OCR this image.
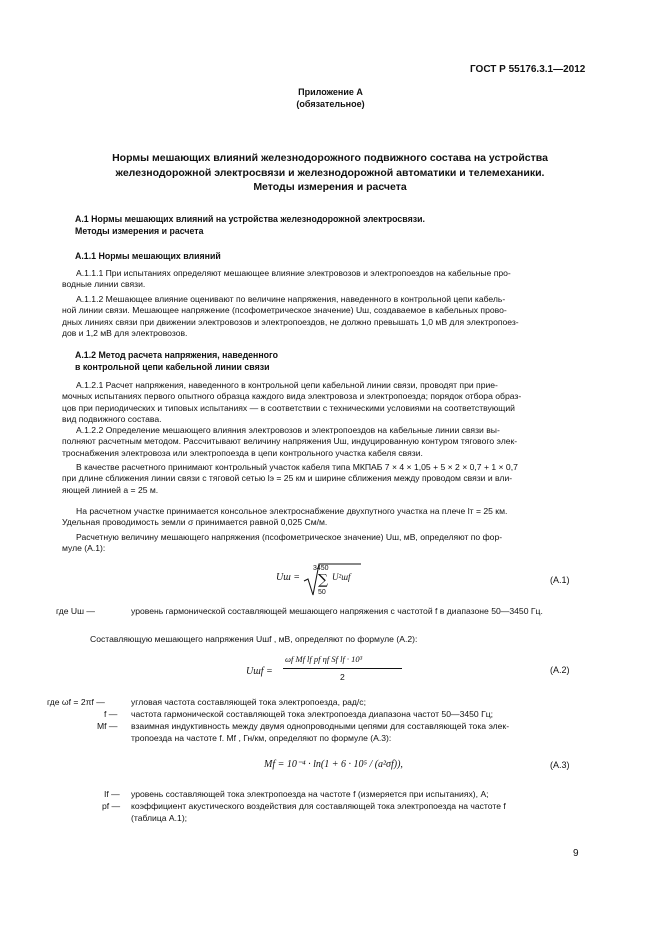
ГОСТ Р 55176.3.1—2012
Приложение А
(обязательное)
Нормы мешающих влияний железнодорожного подвижного состава на устройства
железнодорожной электросвязи и железнодорожной автоматики и телемеханики.
Методы измерения и расчета
А.1 Нормы мешающих влияний на устройства железнодорожной электросвязи.
Методы измерения и расчета
А.1.1 Нормы мешающих влияний

А.1.1.1 При испытаниях определяют мешающее влияние электровозов и электропоездов на кабельные про-

водные линии связи.

А.1.1.2 Мешающее влияние оценивают по величине напряжения, наведенного в контрольной цепи кабель-

ной линии связи. Мешающее напряжение (псофометрическое значение) Uш, создаваемое в кабельных прово-

дных линиях связи при движении электровозов и электропоездов, не должно превышать 1,0 мВ для электропоез-

дов и 1,2 мВ для электровозов.

А.1.2 Метод расчета напряжения, наведенного
в контрольной цепи кабельной линии связи

А.1.2.1 Расчет напряжения, наведенного в контрольной цепи кабельной линии связи, проводят при прие-

мочных испытаниях первого опытного образца каждого вида электровоза и электропоезда; порядок отбора образ-

цов при периодических и типовых испытаниях — в соответствии с техническими условиями на соответствующий

вид подвижного состава.

А.1.2.2 Определение мешающего влияния электровозов и электропоездов на кабельные линии связи вы-

полняют расчетным методом. Рассчитывают величину напряжения Uш, индуцированную контуром тягового элек-

троснабжения электровоза или электропоезда в цепи контрольного участка кабеля связи.

В качестве расчетного принимают контрольный участок кабеля типа МКПАБ 7 × 4 × 1,05 + 5 × 2 × 0,7 + 1 × 0,7

при длине сближения линии связи с тяговой сетью lэ = 25 км и ширине сближения между проводом связи и вли-

яющей линией a = 25 м.

На расчетном участке принимается консольное электроснабжение двухпутного участка на плече lт = 25 км.

Удельная проводимость земли σ принимается равной 0,025 См/м.

Расчетную величину мешающего напряжения (псофометрическое значение) Uш, мВ, определяют по фор-

муле (А.1):

Uш =
3450
∑
50
U²шf	(А.1)
где Uш —	уровень гармонической составляющей мешающего напряжения с частотой f в диапазоне 50—3450 Гц.
Составляющую мешающего напряжения Uшf , мВ, определяют по формуле (А.2):
Uшf =
ωf Mf lf pf ηf Sf lf · 10³
2
(А.2)
где ωf = 2πf —	угловая частота составляющей тока электропоезда, рад/с;
f — частота гармонической составляющей тока электропоезда диапазона частот 50—3450 Гц;
Mf — взаимная индуктивность между двумя однопроводными цепями для составляющей тока элек-
тропоезда на частоте f. Mf , Гн/км, определяют по формуле (А.3):
Mf = 10⁻⁴ · ln(1 + 6 · 10⁵ / (a²σf)),	(А.3)
If — уровень составляющей тока электропоезда на частоте f (измеряется при испытаниях), А;
pf — коэффициент акустического воздействия для составляющей тока электропоезда на частоте f
(таблица А.1);
9
